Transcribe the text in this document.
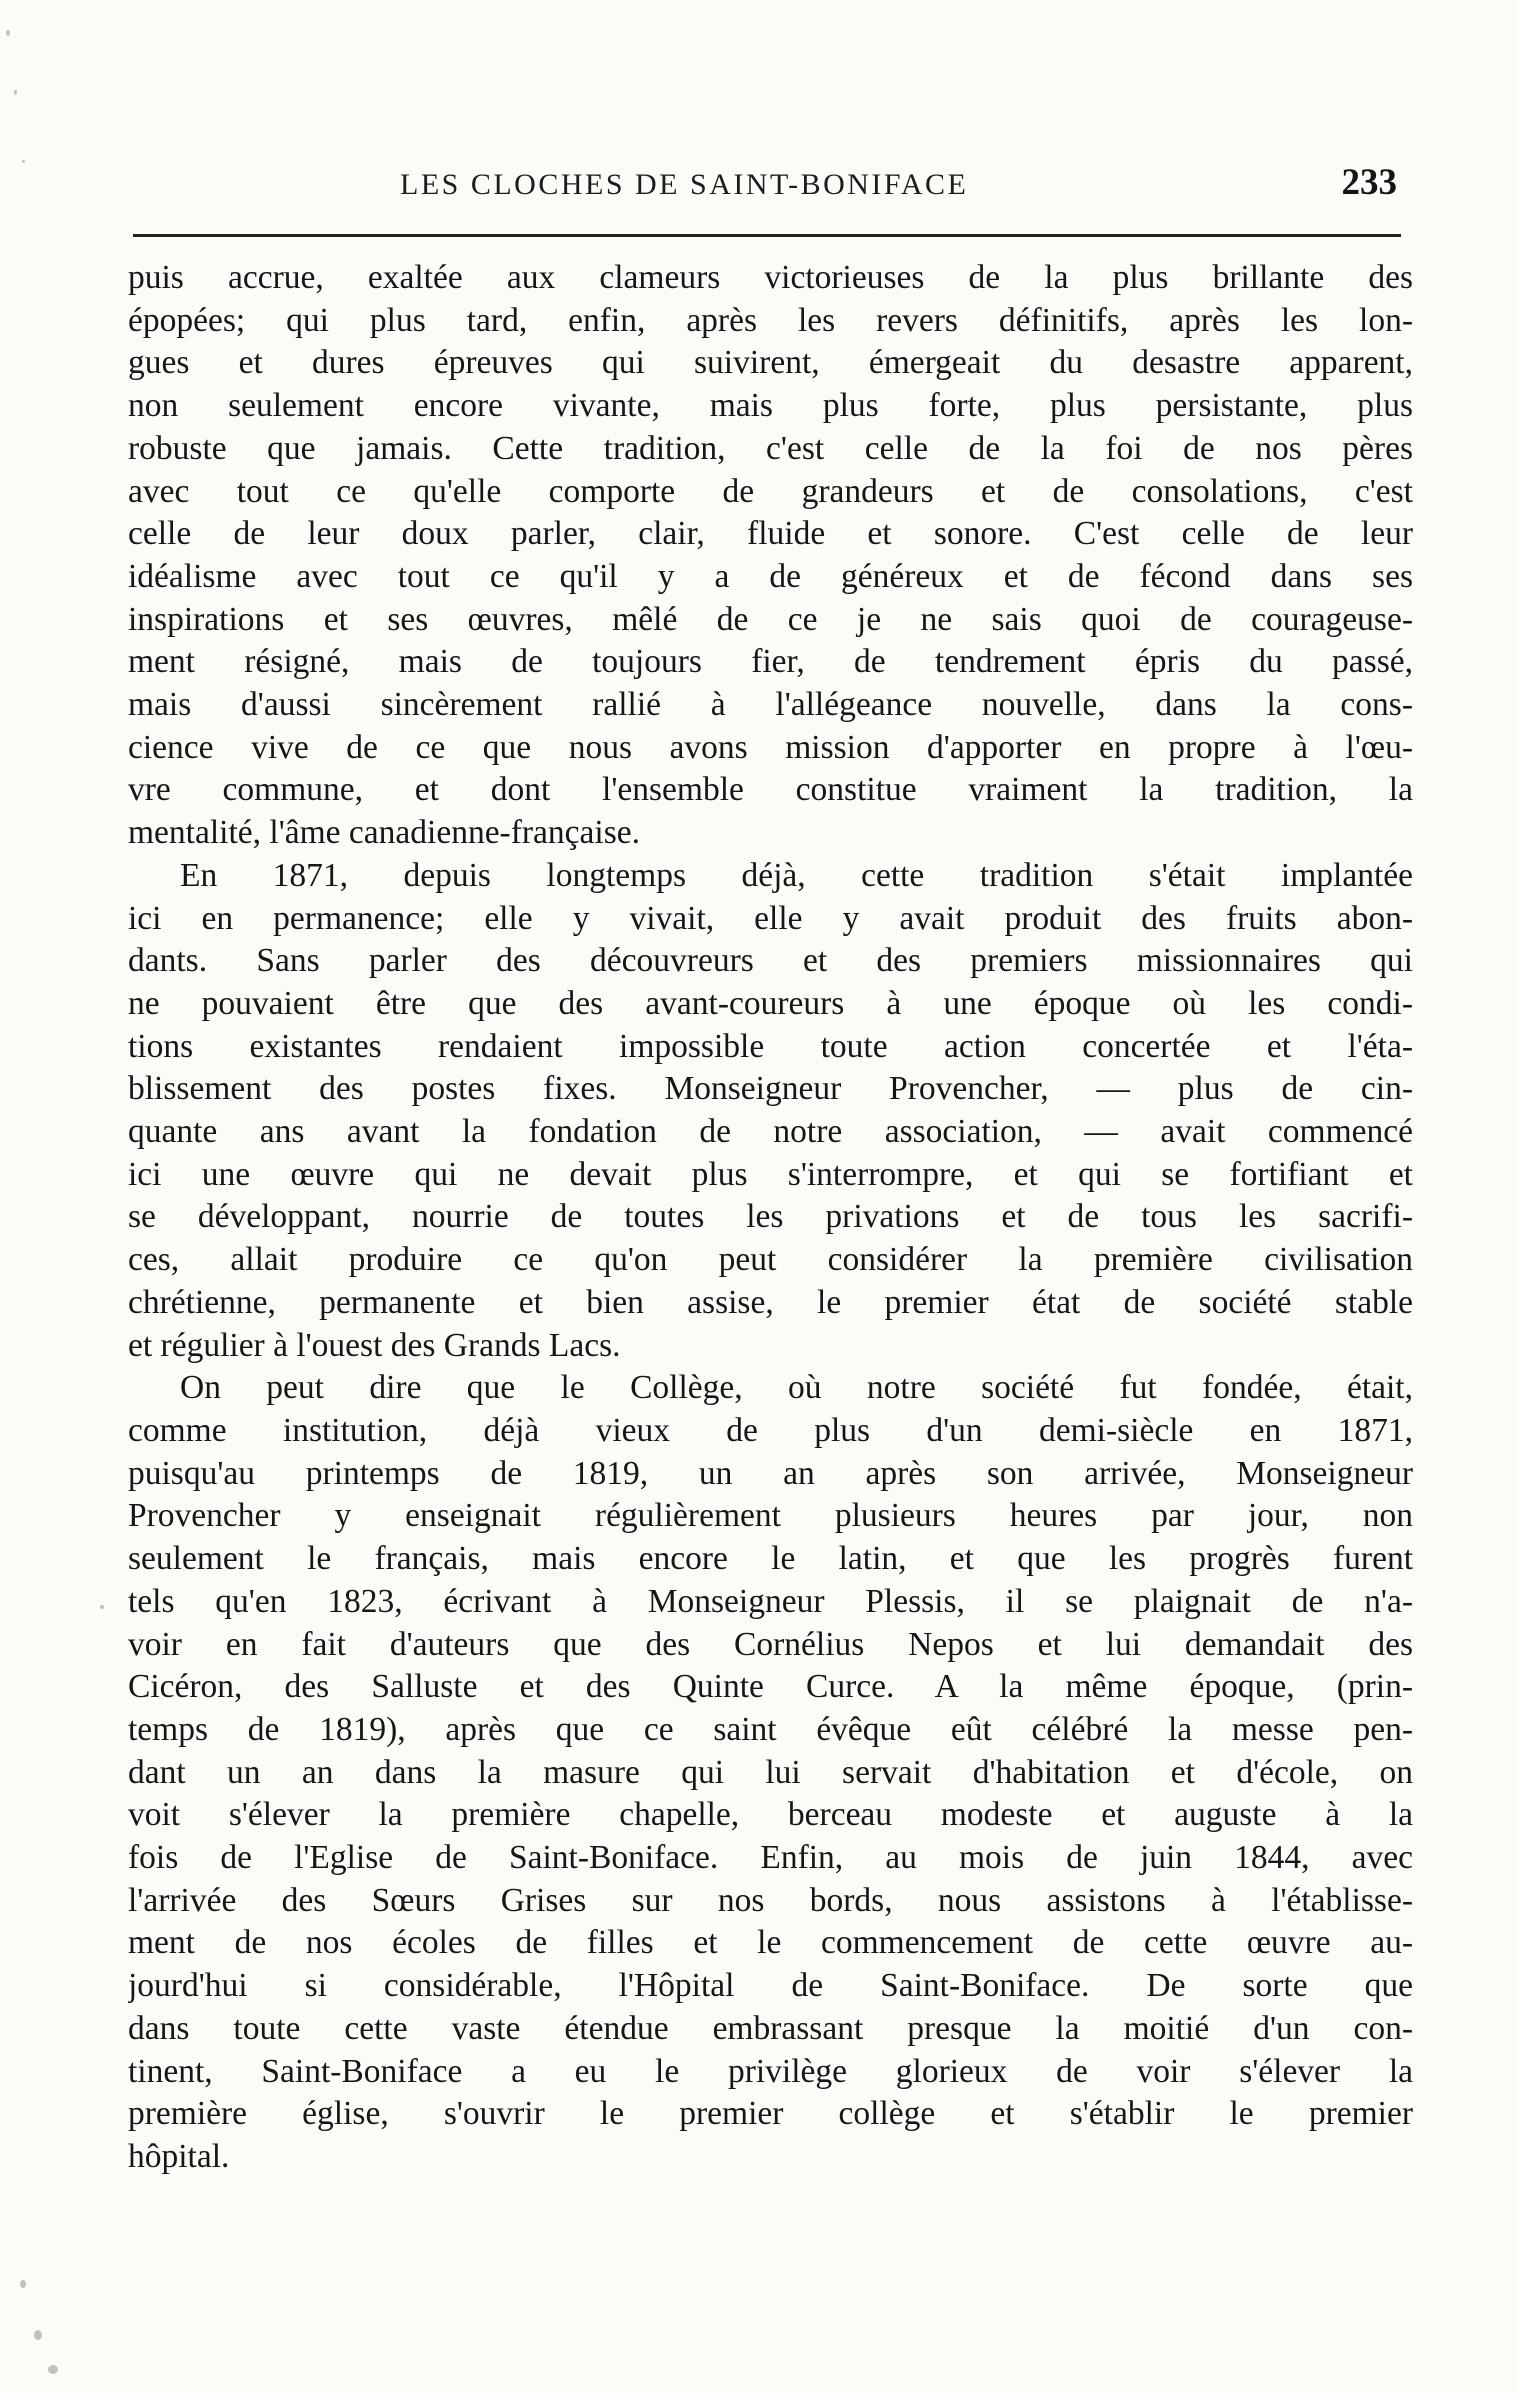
LES CLOCHES DE SAINT-BONIFACE	233

puis accrue, exaltée aux clameurs victorieuses de la plus brillante des
épopées; qui plus tard, enfin, après les revers définitifs, après les lon-
gues et dures épreuves qui suivirent, émergeait du desastre apparent,
non seulement encore vivante, mais plus forte, plus persistante, plus
robuste que jamais. Cette tradition, c'est celle de la foi de nos pères
avec tout ce qu'elle comporte de grandeurs et de consolations, c'est
celle de leur doux parler, clair, fluide et sonore. C'est celle de leur
idéalisme avec tout ce qu'il y a de généreux et de fécond dans ses
inspirations et ses œuvres, mêlé de ce je ne sais quoi de courageuse-
ment résigné, mais de toujours fier, de tendrement épris du passé,
mais d'aussi sincèrement rallié à l'allégeance nouvelle, dans la cons-
cience vive de ce que nous avons mission d'apporter en propre à l'œu-
vre commune, et dont l'ensemble constitue vraiment la tradition, la
mentalité, l'âme canadienne-française.

En 1871, depuis longtemps déjà, cette tradition s'était implantée
ici en permanence; elle y vivait, elle y avait produit des fruits abon-
dants. Sans parler des découvreurs et des premiers missionnaires qui
ne pouvaient être que des avant-coureurs à une époque où les condi-
tions existantes rendaient impossible toute action concertée et l'éta-
blissement des postes fixes. Monseigneur Provencher, — plus de cin-
quante ans avant la fondation de notre association, — avait commencé
ici une œuvre qui ne devait plus s'interrompre, et qui se fortifiant et
se développant, nourrie de toutes les privations et de tous les sacrifi-
ces, allait produire ce qu'on peut considérer la première civilisation
chrétienne, permanente et bien assise, le premier état de société stable
et régulier à l'ouest des Grands Lacs.

On peut dire que le Collège, où notre société fut fondée, était,
comme institution, déjà vieux de plus d'un demi-siècle en 1871,
puisqu'au printemps de 1819, un an après son arrivée, Monseigneur
Provencher y enseignait régulièrement plusieurs heures par jour, non
seulement le français, mais encore le latin, et que les progrès furent
tels qu'en 1823, écrivant à Monseigneur Plessis, il se plaignait de n'a-
voir en fait d'auteurs que des Cornélius Nepos et lui demandait des
Cicéron, des Salluste et des Quinte Curce. A la même époque, (prin-
temps de 1819), après que ce saint évêque eût célébré la messe pen-
dant un an dans la masure qui lui servait d'habitation et d'école, on
voit s'élever la première chapelle, berceau modeste et auguste à la
fois de l'Eglise de Saint-Boniface. Enfin, au mois de juin 1844, avec
l'arrivée des Sœurs Grises sur nos bords, nous assistons à l'établisse-
ment de nos écoles de filles et le commencement de cette œuvre au-
jourd'hui si considérable, l'Hôpital de Saint-Boniface. De sorte que
dans toute cette vaste étendue embrassant presque la moitié d'un con-
tinent, Saint-Boniface a eu le privilège glorieux de voir s'élever la
première église, s'ouvrir le premier collège et s'établir le premier
hôpital.
